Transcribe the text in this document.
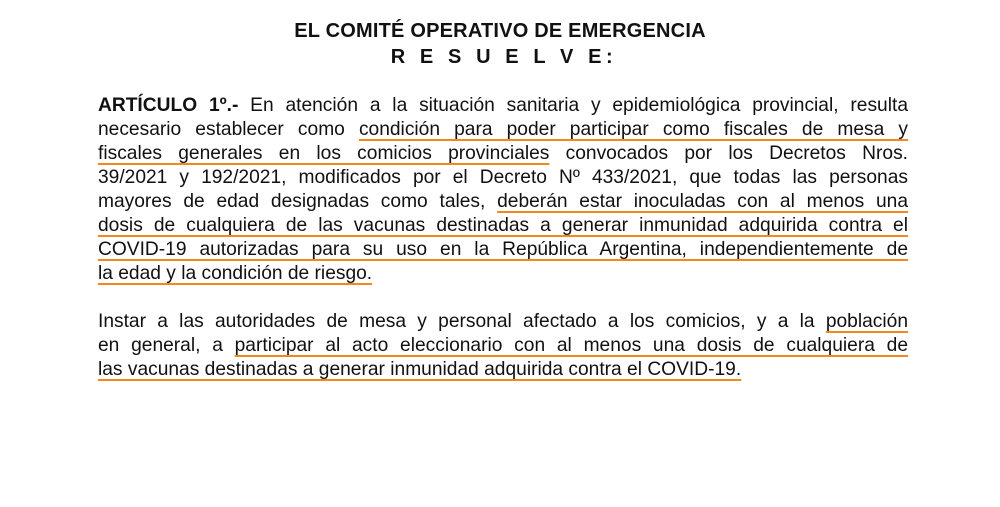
EL COMITÉ OPERATIVO DE EMERGENCIA
R E S U E L V E:
ARTÍCULO 1º.- En atención a la situación sanitaria y epidemiológica provincial, resulta
necesario establecer como condición para poder participar como fiscales de mesa y
fiscales generales en los comicios provinciales convocados por los Decretos Nros.
39/2021 y 192/2021, modificados por el Decreto Nº 433/2021, que todas las personas
mayores de edad designadas como tales, deberán estar inoculadas con al menos una
dosis de cualquiera de las vacunas destinadas a generar inmunidad adquirida contra el
COVID-19 autorizadas para su uso en la República Argentina, independientemente de
la edad y la condición de riesgo.
Instar a las autoridades de mesa y personal afectado a los comicios, y a la población
en general, a participar al acto eleccionario con al menos una dosis de cualquiera de
las vacunas destinadas a generar inmunidad adquirida contra el COVID-19.
